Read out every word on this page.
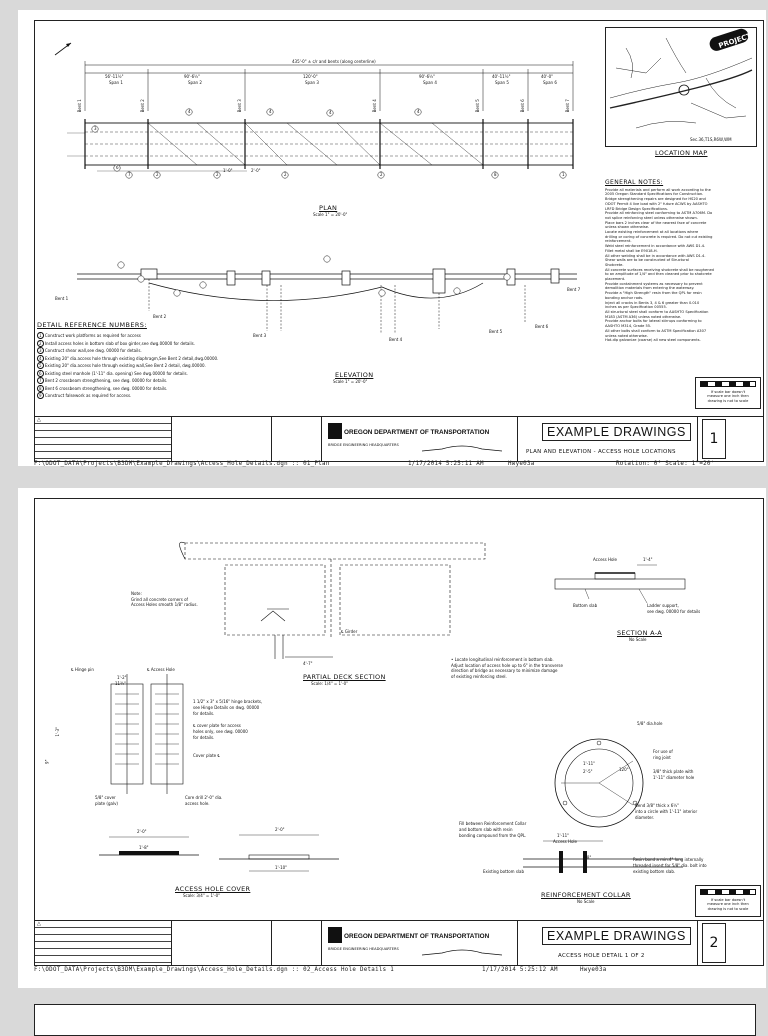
435'-0" ± c/r and bents (along centerline)
56'-11½"
Span 1
90'-6½"
Span 2
120'-0"
Span 3
90'-6½"
Span 4
40'-11½"
Span 5
40'-0"
Span 6
Bent 1	Bent 2	Bent 3	Bent 4	Bent 5	Bent 6	Bent 7
4	4	4	4
7	2	2	2	2	8	1
3
6
1'-0"	2'-0"
PLAN
Scale 1" = 20'-0"
Bent 1
Bent 2
Bent 3
Bent 4
Bent 5
Bent 6
Bent 7
ELEVATION
Scale 1" = 20'-0"
DETAIL REFERENCE NUMBERS:

1 Construct work platforms as required for access

2 Install access holes in bottom slab of box girder,see dwg.00000 for details.

3 Construct shear wall,see dwg. 00000 for details.

4 Existing 20" dia.access hole through existing diaphragm,See Bent 2 detail,dwg.00000.

5 Existing 20" dia.access hole through existing wall,See Bent 2 detail, dwg.00000.

6 Existing steel manhole (1'-11" dia. opening) See dwg.00000 for details.

7 Bent 2 crossbeam strengthening, see dwg. 00000 for details.

8 Bent 6 crossbeam strengthening, see dwg. 00000 for details.

9 Construct falsework as required for access.

PROJECT
Sec.36,T1S,R6W,WM
LOCATION MAP
GENERAL NOTES:

Provide all materials and perform all work according to the

2005 Oregon Standard Specifications for Construction.

Bridge strengthening repairs are designed for HS20 and

ODOT Permit 4 live load with 2" future ACWS by AASHTO

LRFD Bridge Design Specifications.

Provide all reinforcing steel conforming to ASTM A706M. Do

not splice reinforcing steel unless otherwise shown.

Place bars 2 inches clear of the nearest face of concrete

unless shown otherwise.

Locate existing reinforcement at all locations where

drilling or coring of concrete is required. Do not cut existing

reinforcement.

Weld steel reinforcement in accordance with AWS D1.4.

Fillet metal shall be E9018-H.

All other welding shall be in accordance with AWS D1.4.

Shear walls are to be constructed of Structural

Shotcrete.

All concrete surfaces receiving shotcrete shall be roughened

to an amplitude of 1/4" and then cleaned prior to shotcrete

placement.

Provide containment systems as necessary to prevent

demolition materials from entering the waterway.

Provide a "High Strength" resin from the QPL for resin

bonding anchor rods.

Inject all cracks in Bents 3, 4 & 6 greater than 0.010

inches as per Specification 00555.

All structural steel shall conform to AASHTO Specification

M183 (ASTM A36) unless noted otherwise.

Provide anchor bolts for lateral stirrups conforming to

AASHTO M314, Grade 55.

All other bolts shall conform to ASTM Specification A307

unless noted otherwise.

Hot-dip galvanize (coarse) all new steel components.

If scale bar doesn't
measure one inch then
drawing is not to scale
△
OREGON DEPARTMENT OF TRANSPORTATION
BRIDGE ENGINEERING HEADQUARTERS
EXAMPLE DRAWINGS
PLAN AND ELEVATION - ACCESS HOLE LOCATIONS
1
F:\ODOT_DATA\Projects\B3DM\Example_Drawings\Access_Hole_Details.dgn :: 01_Plan	1/17/2014 5:25:11 AM	Hwye03a	Rotation: 0° Scale: 1"=20'
Note:
Grind all concrete corners of
Access Holes smooth 1/8" radius.
℄ Girder
4'-7"
PARTIAL DECK SECTION
Scale: 1/4" = 1'-0"
Access Hole	1'-4"
Bottom slab	Ladder support,
see dwg. 00000 for details
SECTION A-A
No Scale
℄ Hinge pin	℄ Access Hole
1'-2"
11¾"
1 1/2" x 3" x 5/16" hinge brackets,
see Hinge Details on dwg. 00000
for details.
℄ cover plate for access
holes only, see dwg. 00000
for details.
Cover plate ℄
5/8" cover
plate (galv)
Core drill 2'-0" dia.
access hole.
1'-3"
9"
• Locate longitudinal reinforcement in bottom slab.
Adjust location of access hole up to 6" in the transverse
direction of bridge as necessary to minimize damage
of existing reinforcing steel.
5/8" dia.hole
For use of
ring joint
3/8" thick plate with
1'-11" diameter hole
Bend 3/8" thick x 6½"
into a circle with 1'-11" interior
diameter.
120°
1'-11"
2'-5"
2'-0"
1'-8"
2'-0"
1'-10"
ACCESS HOLE COVER
Scale: 3/4" = 1'-0"
Fill between Reinforcement Collar
and bottom slab with resin
bonding compound from the QPL.	1'-11"
Access Hole
5/8"
Existing bottom slab
Resin bond a min.4" long internally
threaded insert for 5/8" dia. bolt into
existing bottom slab.
REINFORCEMENT COLLAR
No Scale	If scale bar doesn't
measure one inch then
drawing is not to scale
△
OREGON DEPARTMENT OF TRANSPORTATION
BRIDGE ENGINEERING HEADQUARTERS
EXAMPLE DRAWINGS
ACCESS HOLE DETAIL 1 OF 2
2
F:\ODOT_DATA\Projects\B3DM\Example_Drawings\Access_Hole_Details.dgn :: 02_Access Hole Details 1	1/17/2014 5:25:12 AM	Hwye03a
